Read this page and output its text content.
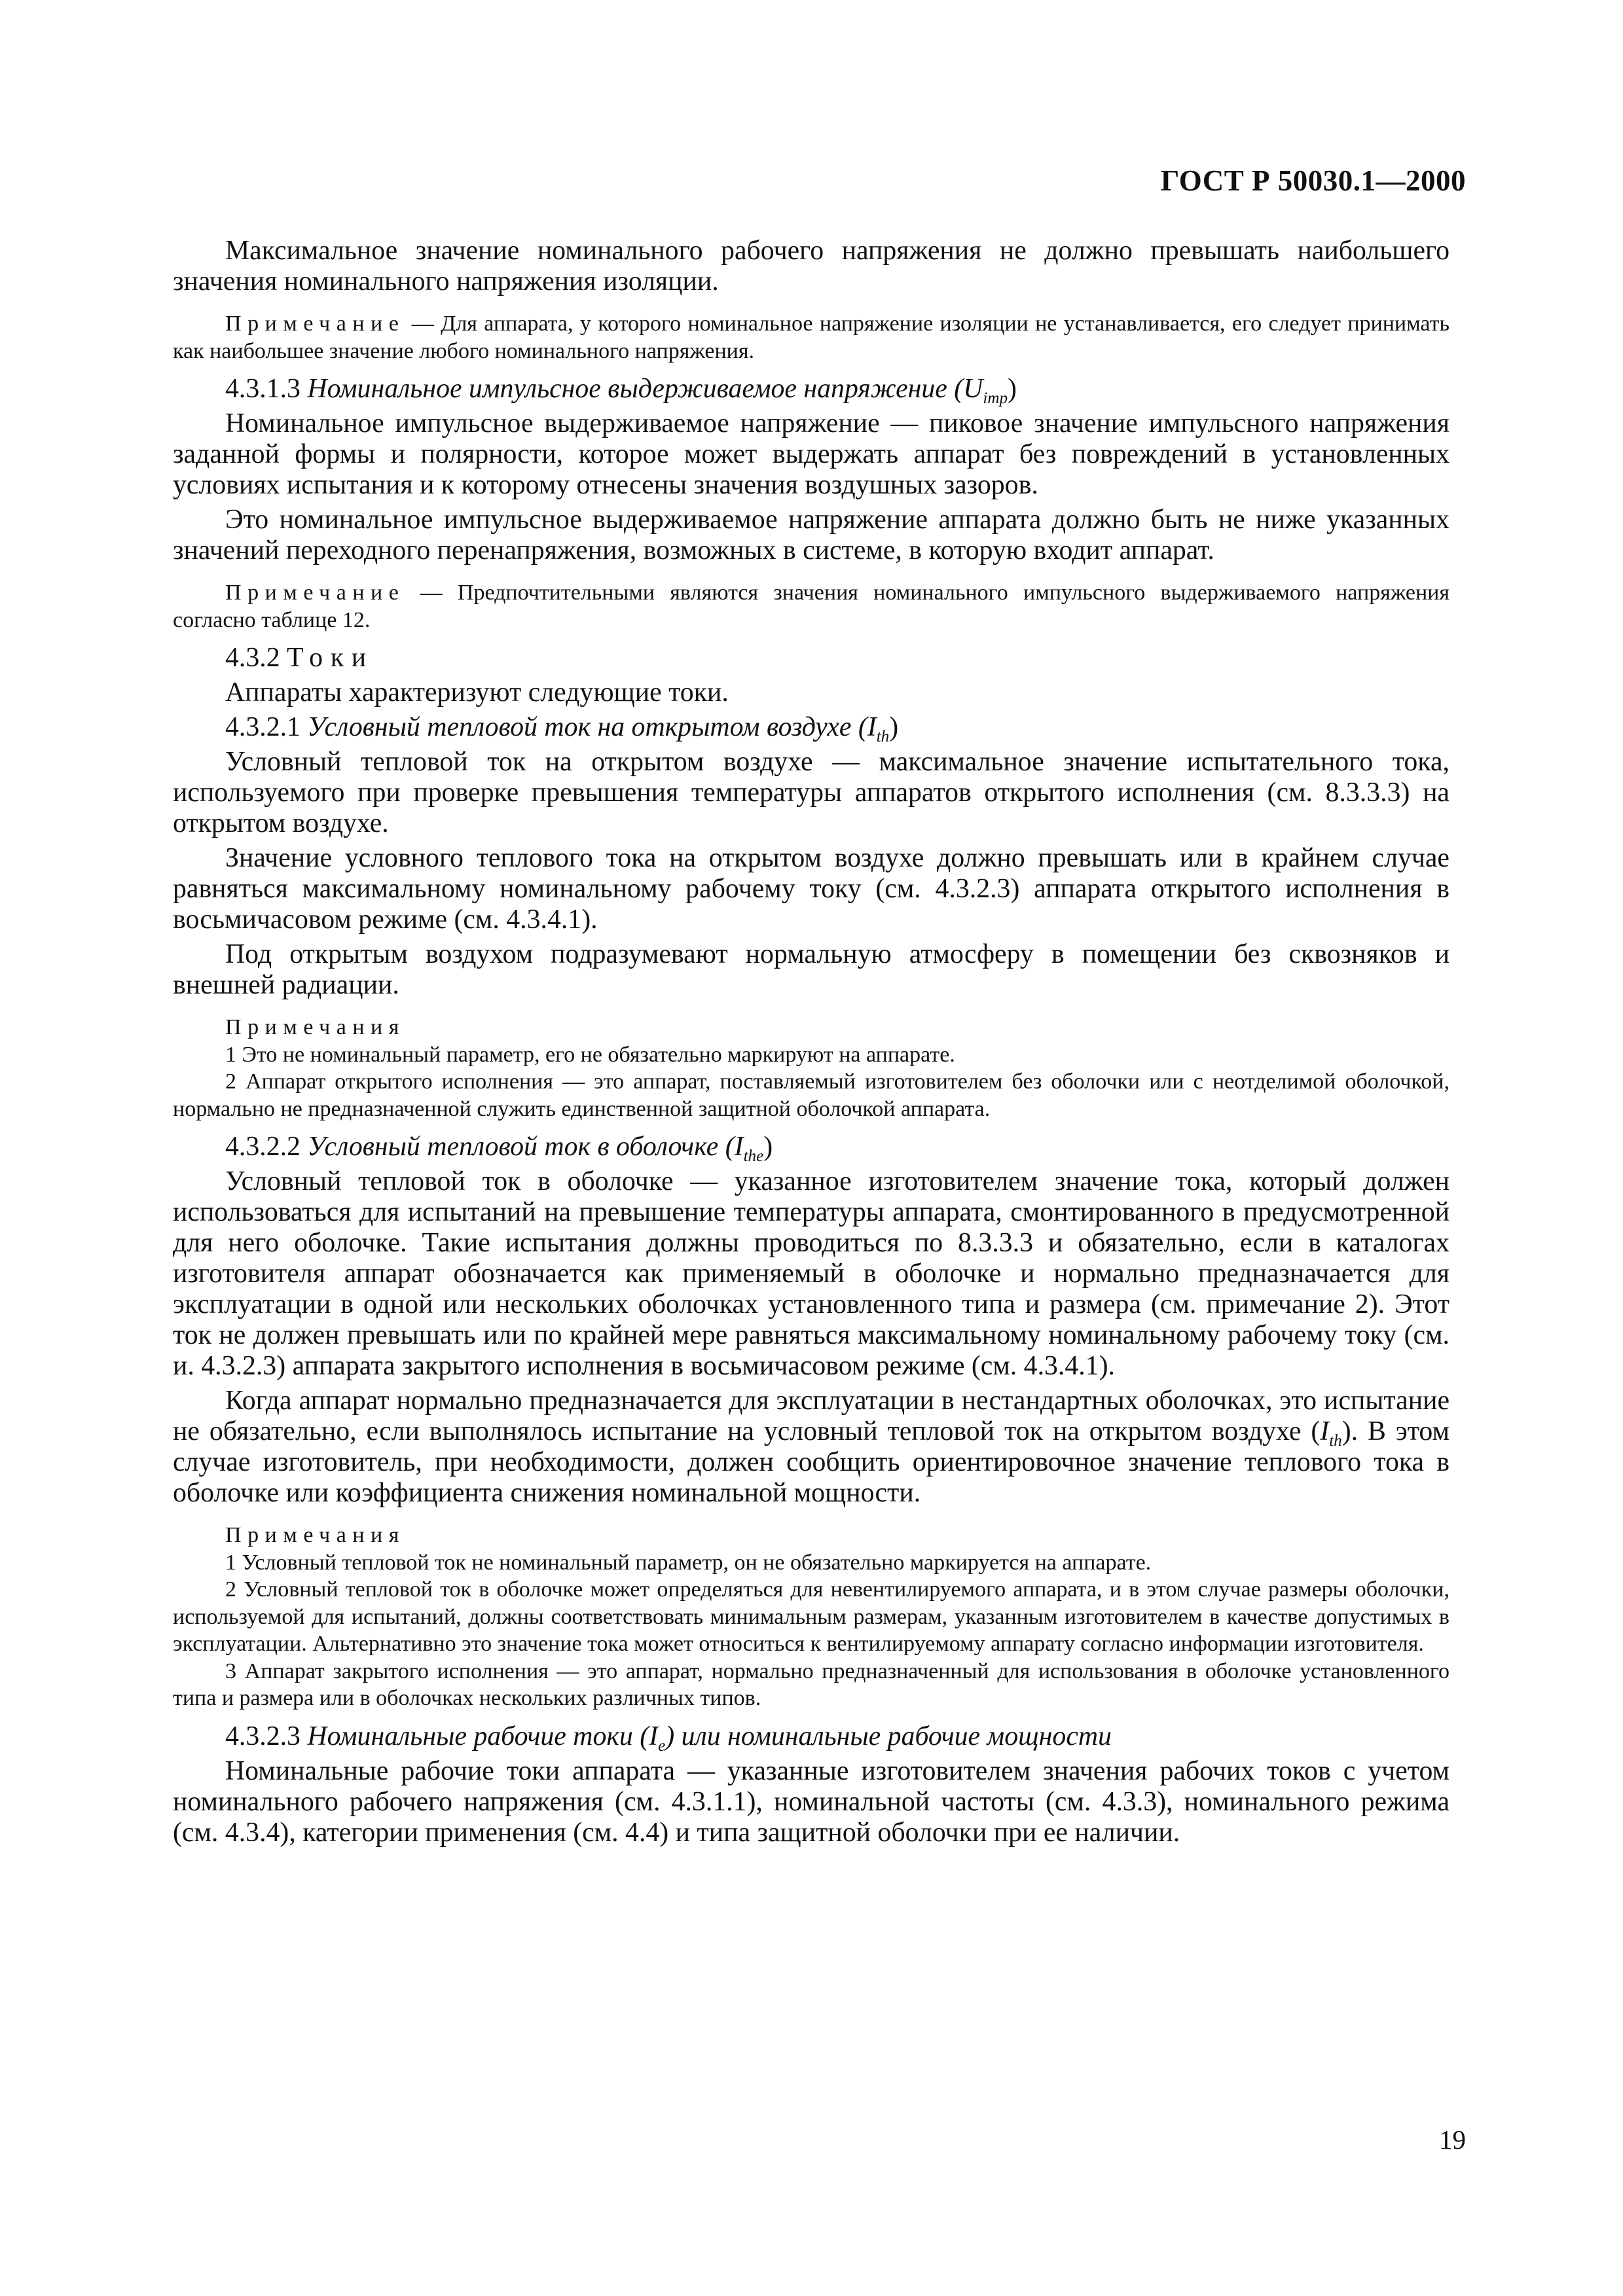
ГОСТ Р 50030.1—2000

Максимальное значение номинального рабочего напряжения не должно превышать наибольшего значения номинального напряжения изоляции.

Примечание — Для аппарата, у которого номинальное напряжение изоляции не устанавливается, его следует принимать как наибольшее значение любого номинального напряжения.

4.3.1.3 Номинальное импульсное выдерживаемое напряжение $(U_{imp})$

Номинальное импульсное выдерживаемое напряжение — пиковое значение импульсного напряжения заданной формы и полярности, которое может выдержать аппарат без повреждений в установленных условиях испытания и к которому отнесены значения воздушных зазоров.

Это номинальное импульсное выдерживаемое напряжение аппарата должно быть не ниже указанных значений переходного перенапряжения, возможных в системе, в которую входит аппарат.

Примечание — Предпочтительными являются значения номинального импульсного выдерживаемого напряжения согласно таблице 12.

4.3.2 Токи

Аппараты характеризуют следующие токи.

4.3.2.1 Условный тепловой ток на открытом воздухе $(I_{th})$

Условный тепловой ток на открытом воздухе — максимальное значение испытательного тока, используемого при проверке превышения температуры аппаратов открытого исполнения (см. 8.3.3.3) на открытом воздухе.

Значение условного теплового тока на открытом воздухе должно превышать или в крайнем случае равняться максимальному номинальному рабочему току (см. 4.3.2.3) аппарата открытого исполнения в восьмичасовом режиме (см. 4.3.4.1).

Под открытым воздухом подразумевают нормальную атмосферу в помещении без сквозняков и внешней радиации.

Примечания

1 Это не номинальный параметр, его не обязательно маркируют на аппарате.

2 Аппарат открытого исполнения — это аппарат, поставляемый изготовителем без оболочки или с неотделимой оболочкой, нормально не предназначенной служить единственной защитной оболочкой аппарата.

4.3.2.2 Условный тепловой ток в оболочке $(I_{the})$

Условный тепловой ток в оболочке — указанное изготовителем значение тока, который должен использоваться для испытаний на превышение температуры аппарата, смонтированного в предусмотренной для него оболочке. Такие испытания должны проводиться по 8.3.3.3 и обязательно, если в каталогах изготовителя аппарат обозначается как применяемый в оболочке и нормально предназначается для эксплуатации в одной или нескольких оболочках установленного типа и размера (см. примечание 2). Этот ток не должен превышать или по крайней мере равняться максимальному номинальному рабочему току (см. и. 4.3.2.3) аппарата закрытого исполнения в восьмичасовом режиме (см. 4.3.4.1).

Когда аппарат нормально предназначается для эксплуатации в нестандартных оболочках, это испытание не обязательно, если выполнялось испытание на условный тепловой ток на открытом воздухе $(I_{th})$. В этом случае изготовитель, при необходимости, должен сообщить ориентировочное значение теплового тока в оболочке или коэффициента снижения номинальной мощности.

Примечания

1 Условный тепловой ток не номинальный параметр, он не обязательно маркируется на аппарате.

2 Условный тепловой ток в оболочке может определяться для невентилируемого аппарата, и в этом случае размеры оболочки, используемой для испытаний, должны соответствовать минимальным размерам, указанным изготовителем в качестве допустимых в эксплуатации. Альтернативно это значение тока может относиться к вентилируемому аппарату согласно информации изготовителя.

3 Аппарат закрытого исполнения — это аппарат, нормально предназначенный для использования в оболочке установленного типа и размера или в оболочках нескольких различных типов.

4.3.2.3 Номинальные рабочие токи $(I_e)$ или номинальные рабочие мощности

Номинальные рабочие токи аппарата — указанные изготовителем значения рабочих токов с учетом номинального рабочего напряжения (см. 4.3.1.1), номинальной частоты (см. 4.3.3), номинального режима (см. 4.3.4), категории применения (см. 4.4) и типа защитной оболочки при ее наличии.

19
